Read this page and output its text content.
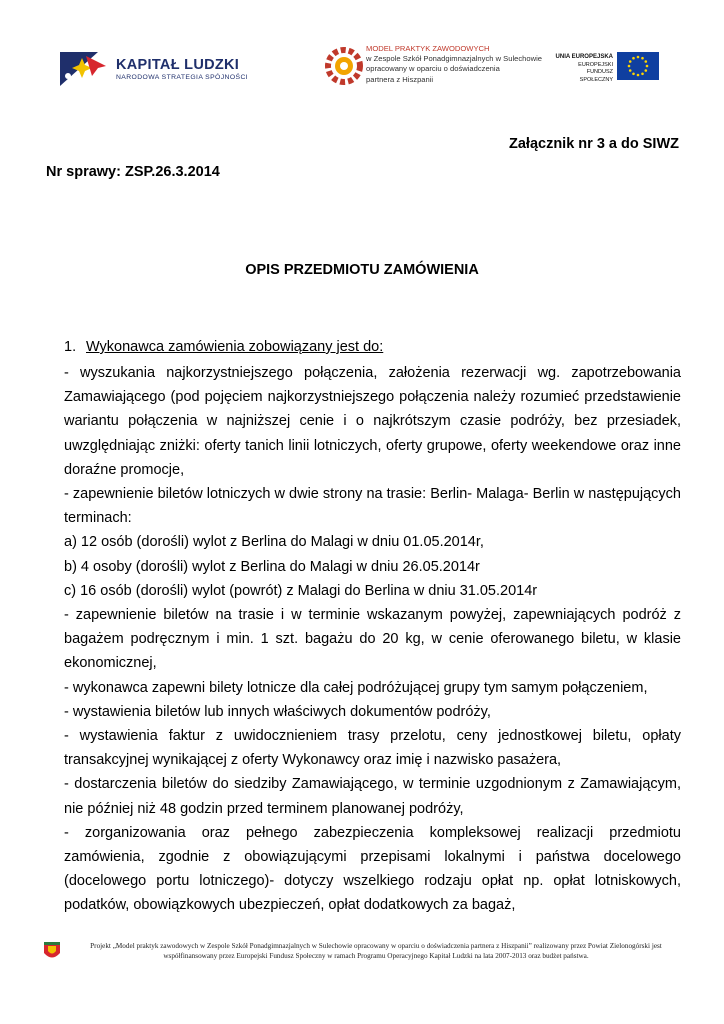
KAPITAŁ LUDZKI
NARODOWA STRATEGIA SPÓJNOŚCI
MODEL PRAKTYK ZAWODOWYCH
w Zespole Szkół Ponadgimnazjalnych w Sulechowie
opracowany w oparciu o doświadczenia
partnera z Hiszpanii
UNIA EUROPEJSKA
EUROPEJSKI
FUNDUSZ SPOŁECZNY
Załącznik nr 3 a do SIWZ
Nr sprawy: ZSP.26.3.2014
OPIS PRZEDMIOTU ZAMÓWIENIA
1. Wykonawca zamówienia zobowiązany jest do:

- wyszukania najkorzystniejszego połączenia, założenia rezerwacji wg. zapotrzebowania Zamawiającego (pod pojęciem najkorzystniejszego połączenia należy rozumieć przedstawienie wariantu połączenia w najniższej cenie i o najkrótszym czasie podróży, bez przesiadek, uwzględniając zniżki: oferty tanich linii lotniczych, oferty grupowe, oferty weekendowe oraz inne doraźne promocje,

- zapewnienie biletów lotniczych w dwie strony na trasie: Berlin- Malaga- Berlin w następujących terminach:

a) 12 osób (dorośli) wylot z Berlina do Malagi w dniu 01.05.2014r,

b) 4 osoby (dorośli) wylot z Berlina do Malagi w dniu 26.05.2014r

c) 16 osób (dorośli) wylot (powrót) z Malagi do Berlina w dniu 31.05.2014r

- zapewnienie biletów na trasie i w terminie wskazanym powyżej, zapewniających podróż z bagażem podręcznym i min. 1 szt. bagażu do 20 kg, w cenie oferowanego biletu, w klasie ekonomicznej,

- wykonawca zapewni bilety lotnicze dla całej podróżującej grupy tym samym połączeniem,

- wystawienia biletów lub innych właściwych dokumentów podróży,

- wystawienia faktur z uwidocznieniem trasy przelotu, ceny jednostkowej biletu, opłaty transakcyjnej wynikającej z oferty Wykonawcy oraz imię i nazwisko pasażera,

- dostarczenia biletów do siedziby Zamawiającego, w terminie uzgodnionym z Zamawiającym, nie później niż 48 godzin przed terminem planowanej podróży,

- zorganizowania oraz pełnego zabezpieczenia kompleksowej realizacji przedmiotu zamówienia, zgodnie z obowiązującymi przepisami lokalnymi i państwa docelowego (docelowego portu lotniczego)- dotyczy wszelkiego rodzaju opłat np. opłat lotniskowych, podatków, obowiązkowych ubezpieczeń, opłat dodatkowych za bagaż,

Projekt „Model praktyk zawodowych w Zespole Szkół Ponadgimnazjalnych w Sulechowie opracowany w oparciu o doświadczenia partnera z Hiszpanii” realizowany przez Powiat Zielonogórski jest
współfinansowany przez Europejski Fundusz Społeczny w ramach Programu Operacyjnego Kapitał Ludzki na lata 2007-2013 oraz budżet państwa.
